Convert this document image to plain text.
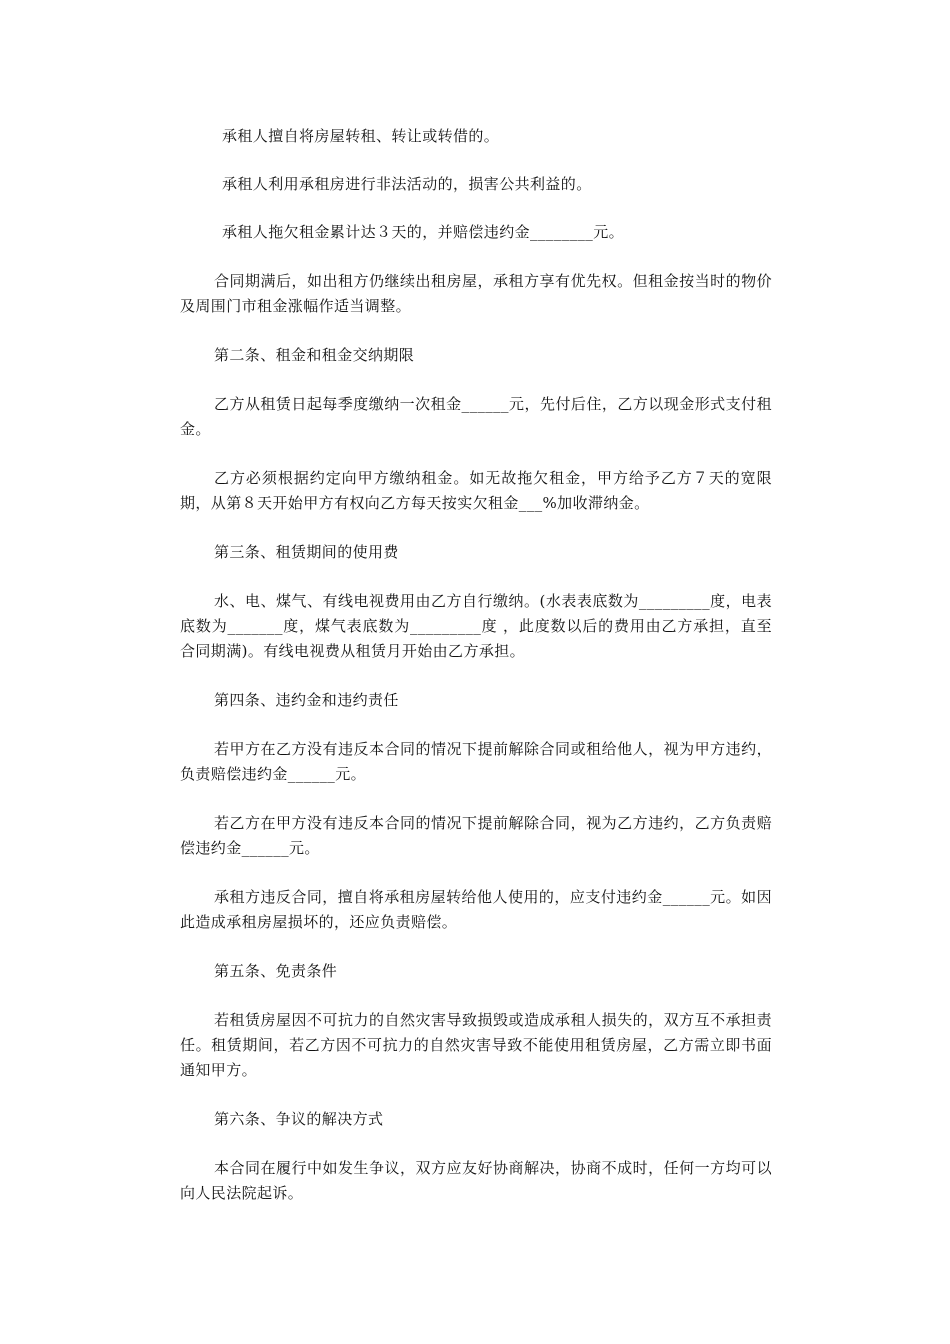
承租人擅自将房屋转租、转让或转借的。

承租人利用承租房进行非法活动的，损害公共利益的。

承租人拖欠租金累计达３天的，并赔偿违约金________元。

合同期满后，如出租方仍继续出租房屋，承租方享有优先权。但租金按当时的物价及周围门市租金涨幅作适当调整。

第二条、租金和租金交纳期限

乙方从租赁日起每季度缴纳一次租金______元，先付后住，乙方以现金形式支付租金。

乙方必须根据约定向甲方缴纳租金。如无故拖欠租金，甲方给予乙方７天的宽限期，从第８天开始甲方有权向乙方每天按实欠租金___%加收滞纳金。

第三条、租赁期间的使用费

水、电、煤气、有线电视费用由乙方自行缴纳。(水表表底数为_________度，电表底数为_______度，煤气表底数为_________度 ，此度数以后的费用由乙方承担，直至合同期满)。有线电视费从租赁月开始由乙方承担。

第四条、违约金和违约责任

若甲方在乙方没有违反本合同的情况下提前解除合同或租给他人，视为甲方违约，负责赔偿违约金______元。

若乙方在甲方没有违反本合同的情况下提前解除合同，视为乙方违约，乙方负责赔偿违约金______元。

承租方违反合同，擅自将承租房屋转给他人使用的，应支付违约金______元。如因此造成承租房屋损坏的，还应负责赔偿。

第五条、免责条件

若租赁房屋因不可抗力的自然灾害导致损毁或造成承租人损失的，双方互不承担责任。租赁期间，若乙方因不可抗力的自然灾害导致不能使用租赁房屋，乙方需立即书面通知甲方。

第六条、争议的解决方式

本合同在履行中如发生争议，双方应友好协商解决，协商不成时，任何一方均可以向人民法院起诉。
